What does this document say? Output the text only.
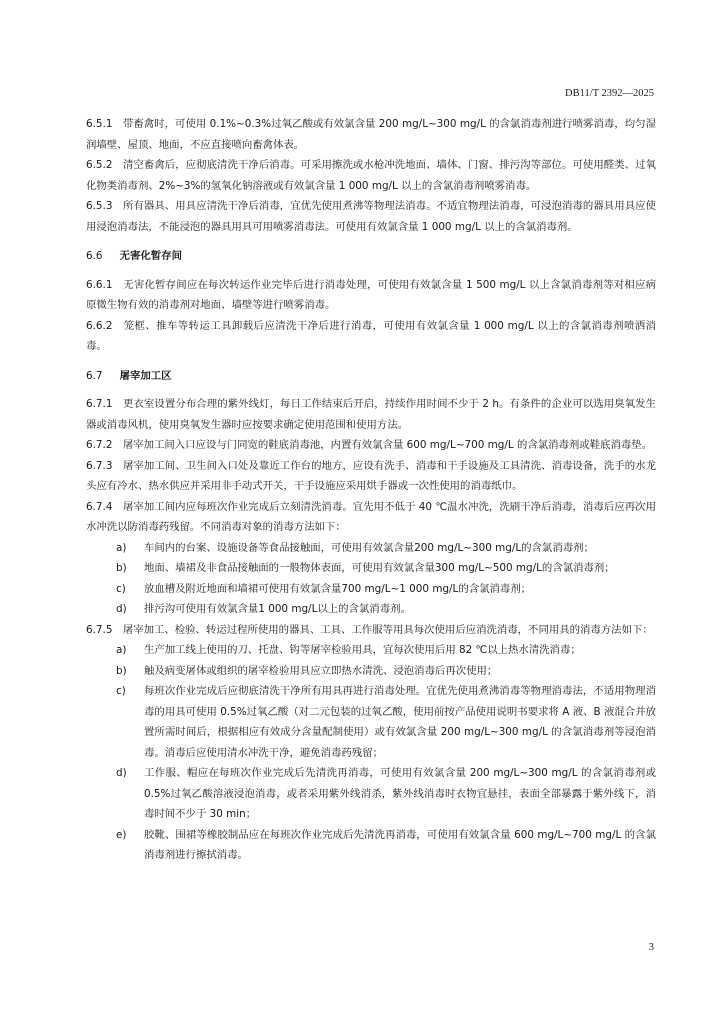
DB11/T 2392—2025

6.5.1　带畜禽时，可使用 0.1%~0.3%过氧乙酸或有效氯含量 200 mg/L~300 mg/L 的含氯消毒剂进行喷雾消毒，均匀湿润墙壁、屋顶、地面，不应直接喷向畜禽体表。

6.5.2　清空畜禽后，应彻底清洗干净后消毒。可采用擦洗或水枪冲洗地面、墙体、门窗、排污沟等部位。可使用醛类、过氧化物类消毒剂、2%~3%的氢氧化钠溶液或有效氯含量 1 000 mg/L 以上的含氯消毒剂喷雾消毒。

6.5.3　所有器具、用具应清洗干净后消毒，宜优先使用煮沸等物理法消毒。不适宜物理法消毒，可浸泡消毒的器具用具应使用浸泡消毒法，不能浸泡的器具用具可用喷雾消毒法。可使用有效氯含量 1 000 mg/L 以上的含氯消毒剂。

6.6 无害化暂存间

6.6.1　无害化暂存间应在每次转运作业完毕后进行消毒处理，可使用有效氯含量 1 500 mg/L 以上含氯消毒剂等对相应病原微生物有效的消毒剂对地面、墙壁等进行喷雾消毒。

6.6.2　笼框、推车等转运工具卸载后应清洗干净后进行消毒，可使用有效氯含量 1 000 mg/L 以上的含氯消毒剂喷洒消毒。

6.7 屠宰加工区

6.7.1　更衣室设置分布合理的紫外线灯，每日工作结束后开启，持续作用时间不少于 2 h。有条件的企业可以选用臭氧发生器或消毒风机，使用臭氧发生器时应按要求确定使用范围和使用方法。

6.7.2　屠宰加工间入口应设与门同宽的鞋底消毒池，内置有效氯含量 600 mg/L~700 mg/L 的含氯消毒剂或鞋底消毒垫。

6.7.3　屠宰加工间、卫生间入口处及靠近工作台的地方，应设有洗手、消毒和干手设施及工具清洗、消毒设备，洗手的水龙头应有冷水、热水供应并采用非手动式开关，干手设施应采用烘手器或一次性使用的消毒纸巾。

6.7.4　屠宰加工间内应每班次作业完成后立刻清洗消毒。宜先用不低于 40 ℃温水冲洗，洗刷干净后消毒，消毒后应再次用水冲洗以防消毒药残留。不同消毒对象的消毒方法如下：

a) 车间内的台案、设施设备等食品接触面，可使用有效氯含量200 mg/L~300 mg/L的含氯消毒剂；
b) 地面、墙裙及非食品接触面的一般物体表面，可使用有效氯含量300 mg/L~500 mg/L的含氯消毒剂；
c) 放血槽及附近地面和墙裙可使用有效氯含量700 mg/L~1 000 mg/L的含氯消毒剂；
d) 排污沟可使用有效氯含量1 000 mg/L以上的含氯消毒剂。

6.7.5　屠宰加工、检验、转运过程所使用的器具、工具、工作服等用具每次使用后应消洗消毒，不同用具的消毒方法如下：

a) 生产加工线上使用的刀、托盘、钩等屠宰检验用具，宜每次使用后用 82 ℃以上热水清洗消毒；
b) 触及病变屠体或组织的屠宰检验用具应立即热水清洗、浸泡消毒后再次使用；
c) 每班次作业完成后应彻底清洗干净所有用具再进行消毒处理。宜优先使用煮沸消毒等物理消毒法，不适用物理消毒的用具可使用 0.5%过氧乙酸（对二元包装的过氧乙酸，使用前按产品使用说明书要求将 A 液、B 液混合并放置所需时间后，根据相应有效成分含量配制使用）或有效氯含量 200 mg/L~300 mg/L 的含氯消毒剂等浸泡消毒。消毒后应使用清水冲洗干净，避免消毒药残留；
d) 工作服、帽应在每班次作业完成后先清洗再消毒，可使用有效氯含量 200 mg/L~300 mg/L 的含氯消毒剂或 0.5%过氧乙酸溶液浸泡消毒，或者采用紫外线消杀，紫外线消毒时衣物宜悬挂，表面全部暴露于紫外线下，消毒时间不少于 30 min；
e) 胶靴、围裙等橡胶制品应在每班次作业完成后先清洗再消毒，可使用有效氯含量 600 mg/L~700 mg/L 的含氯消毒剂进行擦拭消毒。
3
